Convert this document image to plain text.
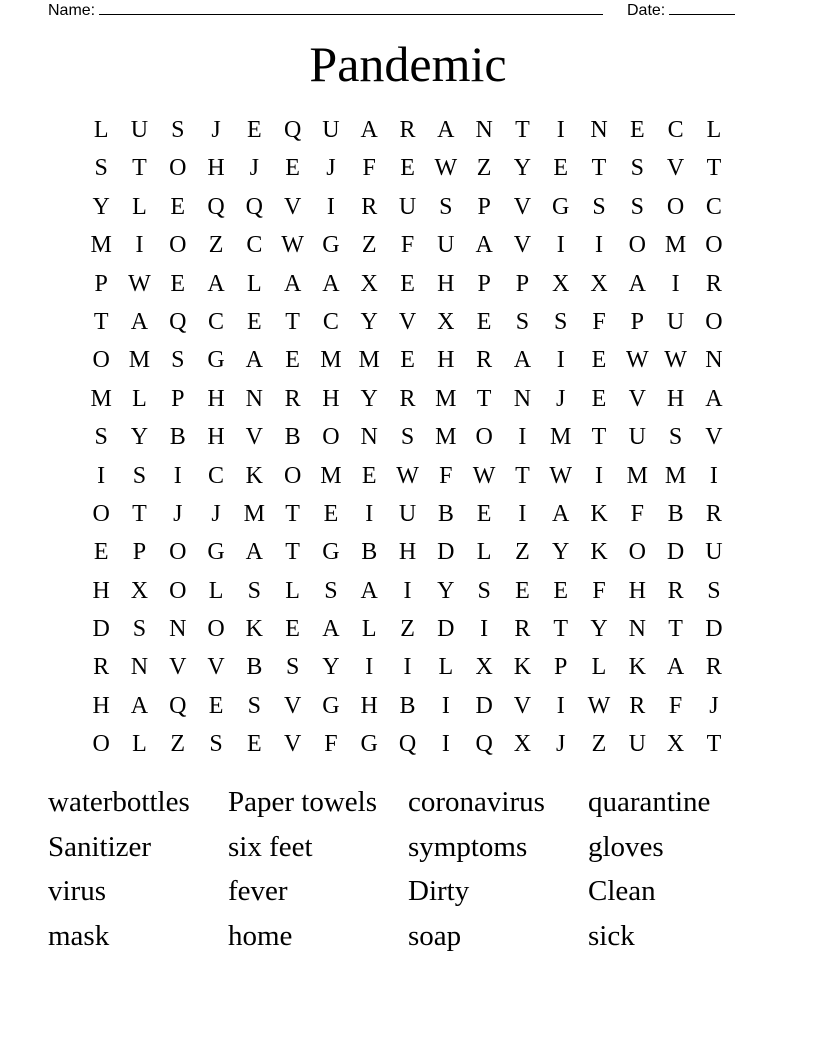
Name:	Date:
Pandemic
L U S	J	E Q U A R A N T	I	N E C L
S	T O H	J	E	J	F	E W Z Y E T	S V T
Y L E Q Q V	I	R U S	P V G S	S O C
M I	O Z C W G Z	F U A V	I	I	O M O
P W E A L A A X E H P	P X X A	I	R
T A Q C E T C Y V X E	S	S	F	P U O
O M S G A E M M E H R A	I	E W W N
M L	P H N R H Y R M T N	J	E V H A
S Y B H V B O N S M O	I M T U S V
I	S	I	C K O M E W F W T W I M M I
O T	J	J M T E	I	U B E	I	A K F B R
E	P O G A T G B H D L Z Y K O D U
H X O L	S	L	S A	I	Y S	E E	F H R S
D S N O K E A L Z D	I	R T Y N T D
R N V V B S Y	I	I	L X K P	L K A R
H A Q E	S V G H B	I	D V	I W R F	J
O L Z	S	E V F G Q	I	Q X	J	Z U X T
waterbottles	Paper towels	coronavirus	quarantine
Sanitizer	six feet	symptoms	gloves
virus	fever	Dirty	Clean
mask	home	soap	sick
